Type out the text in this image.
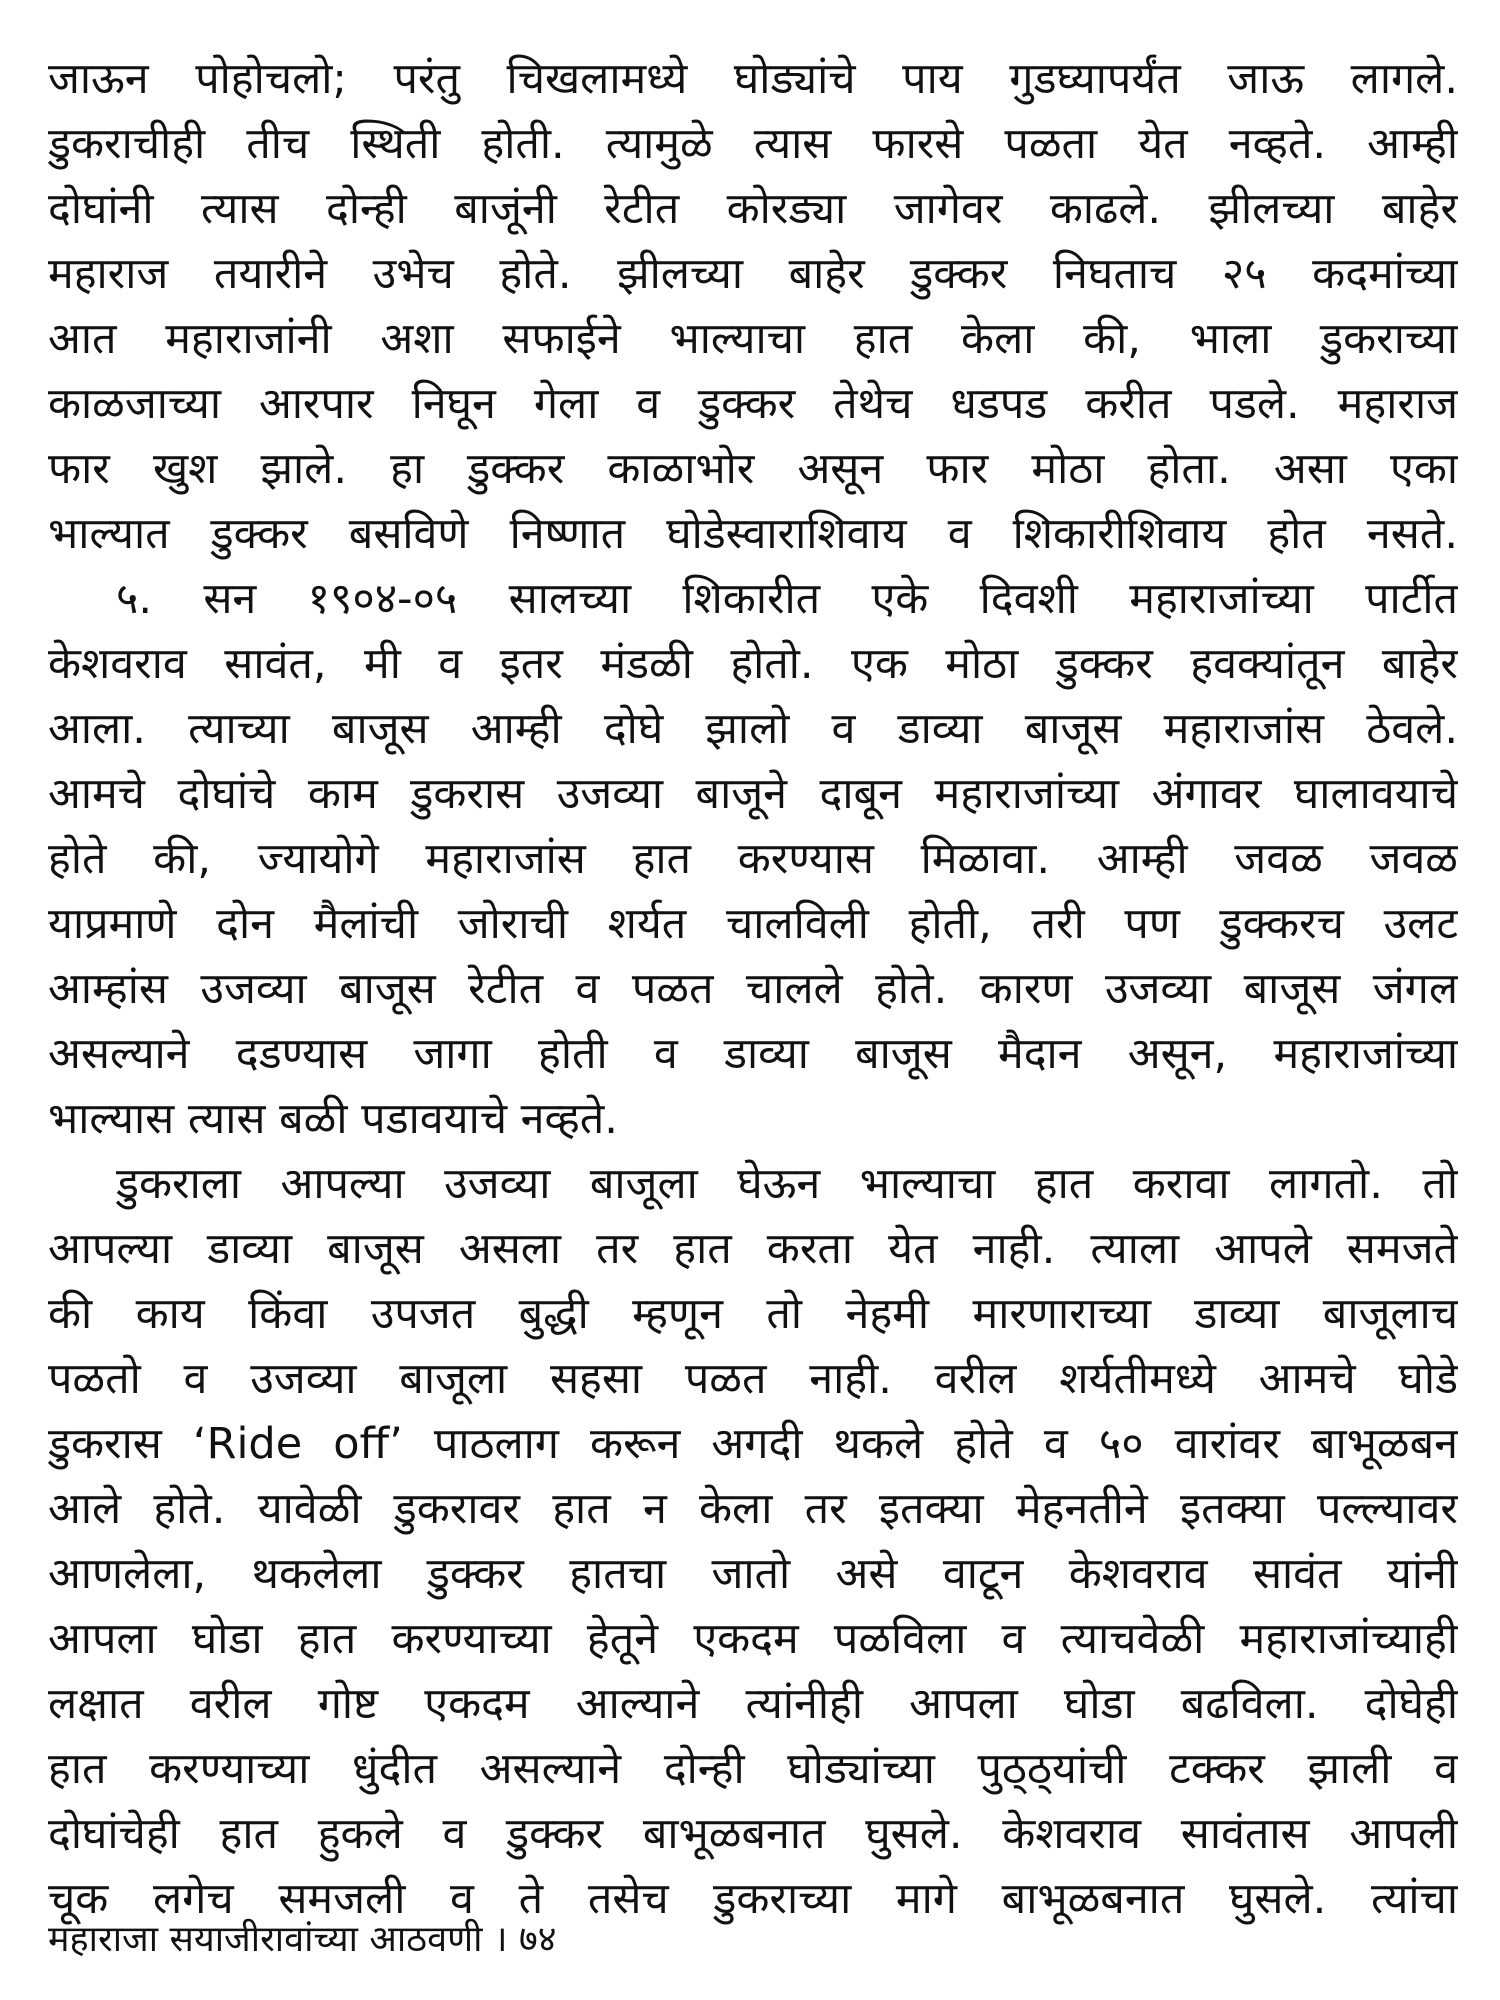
जाऊन पोहोचलो; परंतु चिखलामध्ये घोड्यांचे पाय गुडघ्यापर्यंत जाऊ लागले.
डुकराचीही तीच स्थिती होती. त्यामुळे त्यास फारसे पळता येत नव्हते. आम्ही
दोघांनी त्यास दोन्ही बाजूंनी रेटीत कोरड्या जागेवर काढले. झीलच्या बाहेर
महाराज तयारीने उभेच होते. झीलच्या बाहेर डुक्कर निघताच २५ कदमांच्या
आत महाराजांनी अशा सफाईने भाल्याचा हात केला की, भाला डुकराच्या
काळजाच्या आरपार निघून गेला व डुक्कर तेथेच धडपड करीत पडले. महाराज
फार खुश झाले. हा डुक्कर काळाभोर असून फार मोठा होता. असा एका
भाल्यात डुक्कर बसविणे निष्णात घोडेस्वाराशिवाय व शिकारीशिवाय होत नसते.
५. सन १९०४-०५ सालच्या शिकारीत एके दिवशी महाराजांच्या पार्टीत
केशवराव सावंत, मी व इतर मंडळी होतो. एक मोठा डुक्कर हवक्यांतून बाहेर
आला. त्याच्या बाजूस आम्ही दोघे झालो व डाव्या बाजूस महाराजांस ठेवले.
आमचे दोघांचे काम डुकरास उजव्या बाजूने दाबून महाराजांच्या अंगावर घालावयाचे
होते की, ज्यायोगे महाराजांस हात करण्यास मिळावा. आम्ही जवळ जवळ
याप्रमाणे दोन मैलांची जोराची शर्यत चालविली होती, तरी पण डुक्करच उलट
आम्हांस उजव्या बाजूस रेटीत व पळत चालले होते. कारण उजव्या बाजूस जंगल
असल्याने दडण्यास जागा होती व डाव्या बाजूस मैदान असून, महाराजांच्या
भाल्यास त्यास बळी पडावयाचे नव्हते.
डुकराला आपल्या उजव्या बाजूला घेऊन भाल्याचा हात करावा लागतो. तो
आपल्या डाव्या बाजूस असला तर हात करता येत नाही. त्याला आपले समजते
की काय किंवा उपजत बुद्धी म्हणून तो नेहमी मारणाराच्या डाव्या बाजूलाच
पळतो व उजव्या बाजूला सहसा पळत नाही. वरील शर्यतीमध्ये आमचे घोडे
डुकरास ‘Ride off’ पाठलाग करून अगदी थकले होते व ५० वारांवर बाभूळबन
आले होते. यावेळी डुकरावर हात न केला तर इतक्या मेहनतीने इतक्या पल्ल्यावर
आणलेला, थकलेला डुक्कर हातचा जातो असे वाटून केशवराव सावंत यांनी
आपला घोडा हात करण्याच्या हेतूने एकदम पळविला व त्याचवेळी महाराजांच्याही
लक्षात वरील गोष्ट एकदम आल्याने त्यांनीही आपला घोडा बढविला. दोघेही
हात करण्याच्या धुंदीत असल्याने दोन्ही घोड्यांच्या पुठ्ठ्यांची टक्कर झाली व
दोघांचेही हात हुकले व डुक्कर बाभूळबनात घुसले. केशवराव सावंतास आपली
चूक लगेच समजली व ते तसेच डुकराच्या मागे बाभूळबनात घुसले. त्यांचा
महाराजा सयाजीरावांच्या आठवणी । ७४
